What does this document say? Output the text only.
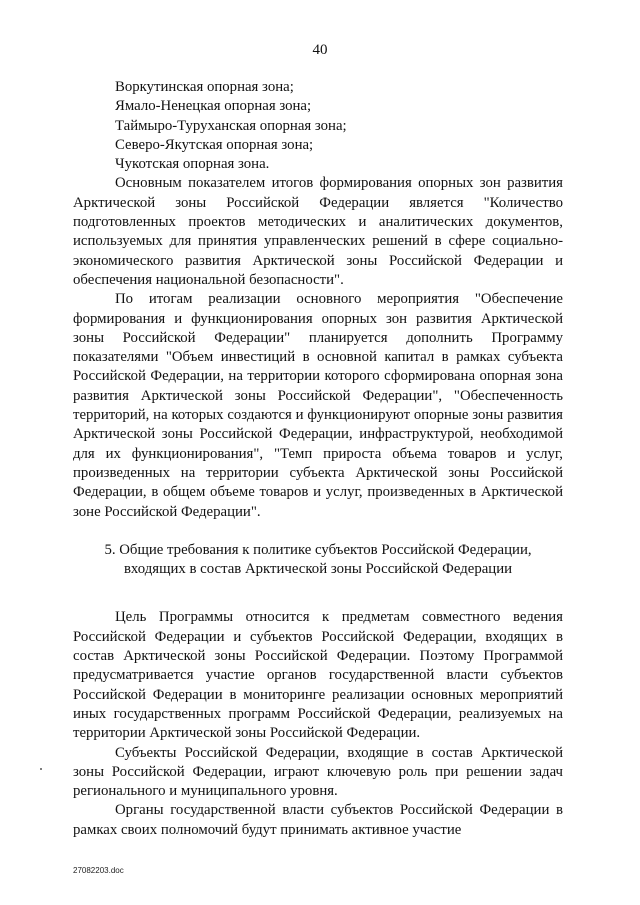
40

Воркутинская опорная зона;

Ямало-Ненецкая опорная зона;

Таймыро-Туруханская опорная зона;

Северо-Якутская опорная зона;

Чукотская опорная зона.

Основным показателем итогов формирования опорных зон развития Арктической зоны Российской Федерации является "Количество подготовленных проектов методических и аналитических документов, используемых для принятия управленческих решений в сфере социально-экономического развития Арктической зоны Российской Федерации и обеспечения национальной безопасности".

По итогам реализации основного мероприятия "Обеспечение формирования и функционирования опорных зон развития Арктической зоны Российской Федерации" планируется дополнить Программу показателями "Объем инвестиций в основной капитал в рамках субъекта Российской Федерации, на территории которого сформирована опорная зона развития Арктической зоны Российской Федерации", "Обеспеченность территорий, на которых создаются и функционируют опорные зоны развития Арктической зоны Российской Федерации, инфраструктурой, необходимой для их функционирования", "Темп прироста объема товаров и услуг, произведенных на территории субъекта Арктической зоны Российской Федерации, в общем объеме товаров и услуг, произведенных в Арктической зоне Российской Федерации".

5. Общие требования к политике субъектов Российской Федерации,
входящих в состав Арктической зоны Российской Федерации

Цель Программы относится к предметам совместного ведения Российской Федерации и субъектов Российской Федерации, входящих в состав Арктической зоны Российской Федерации. Поэтому Программой предусматривается участие органов государственной власти субъектов Российской Федерации в мониторинге реализации основных мероприятий иных государственных программ Российской Федерации, реализуемых на территории Арктической зоны Российской Федерации.

Субъекты Российской Федерации, входящие в состав Арктической зоны Российской Федерации, играют ключевую роль при решении задач регионального и муниципального уровня.

Органы государственной власти субъектов Российской Федерации в рамках своих полномочий будут принимать активное участие

27082203.doc
